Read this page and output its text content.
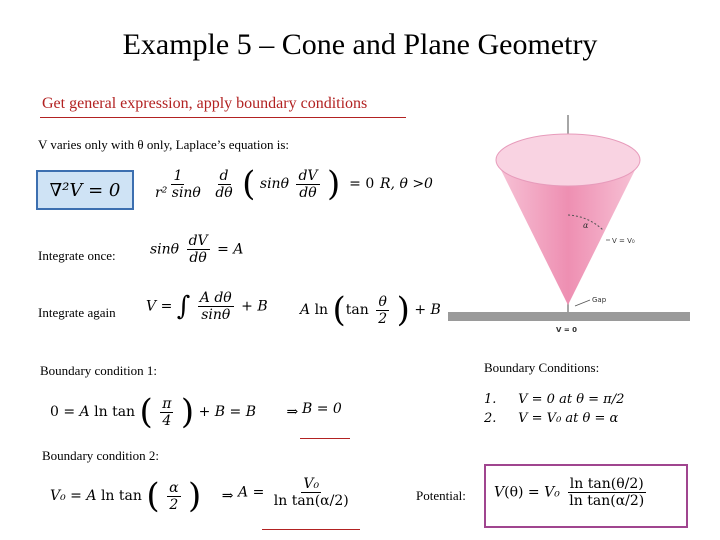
Example 5 – Cone and Plane Geometry
Get general expression, apply boundary conditions
V varies only with θ only, Laplace’s equation is:
$\nabla^2V = 0 \frac{1}{\text{r² sinθ}}$
$\frac{d}{d\theta}$ ( sinθ $\frac{dV}{d\theta}$ )  = 0 R, θ >0
Integrate once: sinθ $\frac{dV}{d\theta} = A$
Integrate again V = ∫ $\frac{\text{A dθ}}{\sin\theta} + B$ A $\ln (\tan \frac{\theta}{2}$ ) + B
Boundary condition 1:
0 = A ln tan ( $\frac{\pi}{4}$ ) + B = B ⇒ B = 0
Boundary condition 2:
V₀ = A ln tan ( $\frac{\alpha}{2}$ ) ⇒ $A = \frac{\text{V₀}}{\text{ln tan(α/2)}}$	Potential: $V(\theta) = V_0 \frac{\text{ln tan(θ/2)}}{\text{ln tan(α/2)}}$
Boundary Conditions:
1. V = 0 at θ = π/2
2. V = V₀ at θ = α
α
V = V₀
Gap
V = 0
